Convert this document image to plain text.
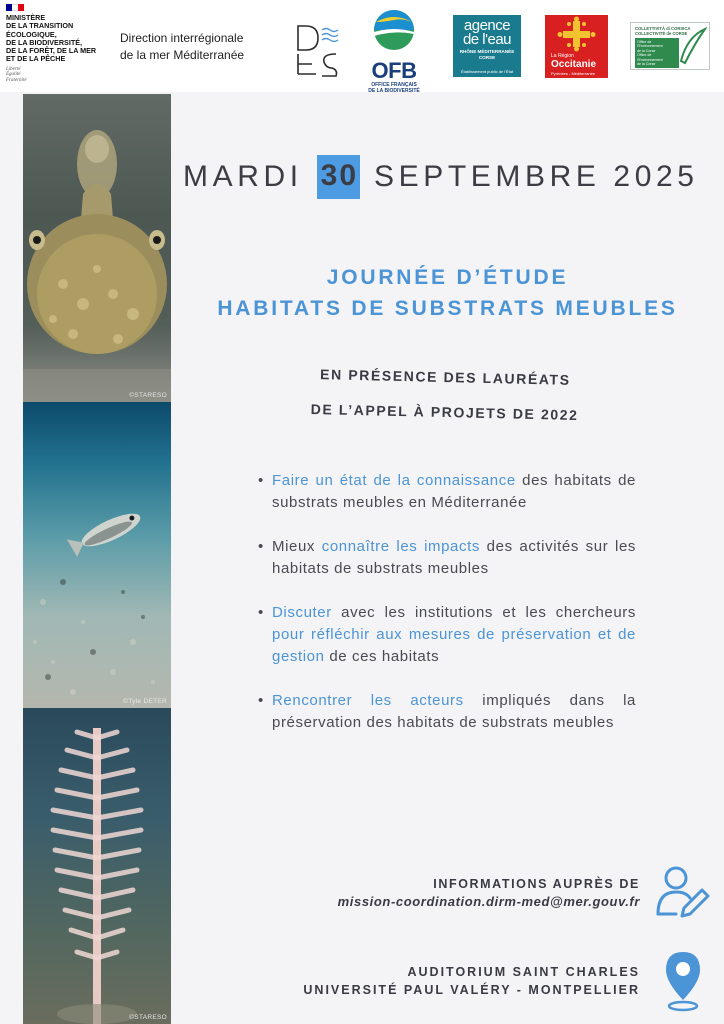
MINISTÈRE
DE LA TRANSITION
ÉCOLOGIQUE,
DE LA BIODIVERSITÉ,
DE LA FORÊT, DE LA MER
ET DE LA PÊCHE
Liberté
Égalité
Fraternité
Direction interrégionale
de la mer Méditerranée
OFB
OFFICE FRANÇAIS
DE LA BIODIVERSITÉ
agence
de l'eau
RHÔNE MÉDITERRANÉE
CORSE
Établissement public de l'État
La Région
Occitanie
Pyrénées - Méditerranée
COLLETTIVITÀ di CORSICA
COLLECTIVITÉ de CORSE
Office de l'Environnement
de la Corse
Office de l'Environnement
de la Corse
©STARESO
©Tyle DETER
©STARESO
MARDI 30 SEPTEMBRE 2025
JOURNÉE D’ÉTUDE
HABITATS DE SUBSTRATS MEUBLES
EN PRÉSENCE DES LAURÉATS
DE L’APPEL À PROJETS DE 2022
• Faire un état de la connaissance des habitats de substrats meubles en Méditerranée
• Mieux connaître les impacts des activités sur les habitats de substrats meubles
• Discuter avec les institutions et les chercheurs pour réfléchir aux mesures de préservation et de gestion de ces habitats
• Rencontrer les acteurs impliqués dans la préservation des habitats de substrats meubles
INFORMATIONS AUPRÈS DE
mission-coordination.dirm-med@mer.gouv.fr
AUDITORIUM SAINT CHARLES
UNIVERSITÉ PAUL VALÉRY - MONTPELLIER
